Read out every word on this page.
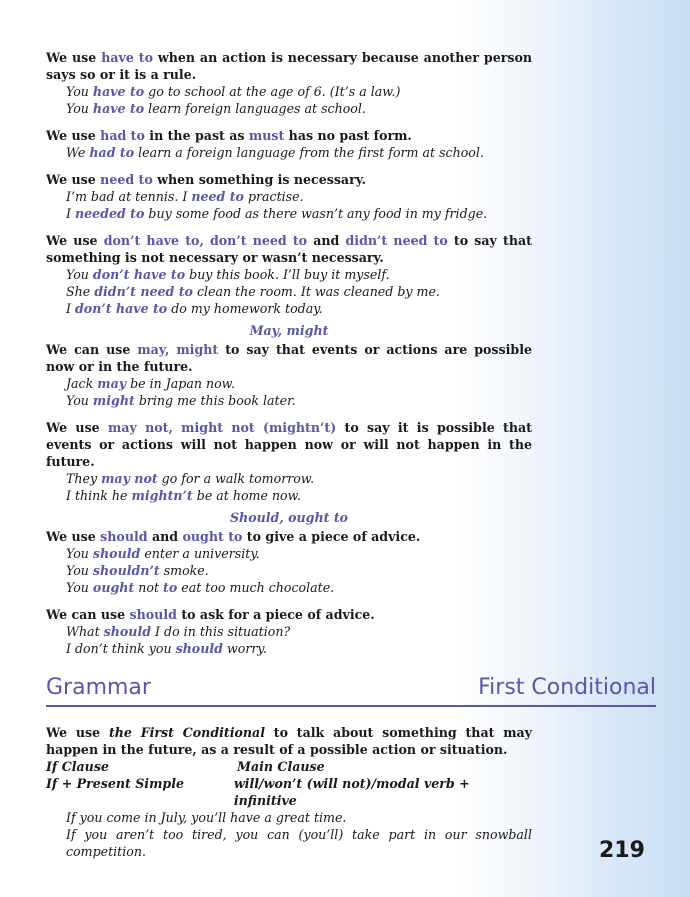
We use have to when an action is necessary because another person says so or it is a rule.
You have to go to school at the age of 6. (It’s a law.)
You have to learn foreign languages at school.
We use had to in the past as must has no past form.
We had to learn a foreign language from the first form at school.
We use need to when something is necessary.
I’m bad at tennis. I need to practise.
I needed to buy some food as there wasn’t any food in my fridge.
We use don’t have to, don’t need to and didn’t need to to say that something is not necessary or wasn’t necessary.
You don’t have to buy this book. I’ll buy it myself.
She didn’t need to clean the room. It was cleaned by me.
I don’t have to do my homework today.
May, might
We can use may, might to say that events or actions are possible now or in the future.
Jack may be in Japan now.
You might bring me this book later.
We use may not, might not (mightn’t) to say it is possible that events or actions will not happen now or will not happen in the future.
They may not go for a walk tomorrow.
I think he mightn’t be at home now.
Should, ought to
We use should and ought to to give a piece of advice.
You should enter a university.
You shouldn’t smoke.
You ought not to eat too much chocolate.
We can use should to ask for a piece of advice.
What should I do in this situation?
I don’t think you should worry.
Grammar	First Conditional
We use the First Conditional to talk about something that may happen in the future, as a result of a possible action or situation.
If Clause	Main Clause
If + Present Simple	will/won’t (will not)/modal verb + infinitive
If you come in July, you’ll have a great time.
If you aren’t too tired, you can (you’ll) take part in our snowball competition.	219
